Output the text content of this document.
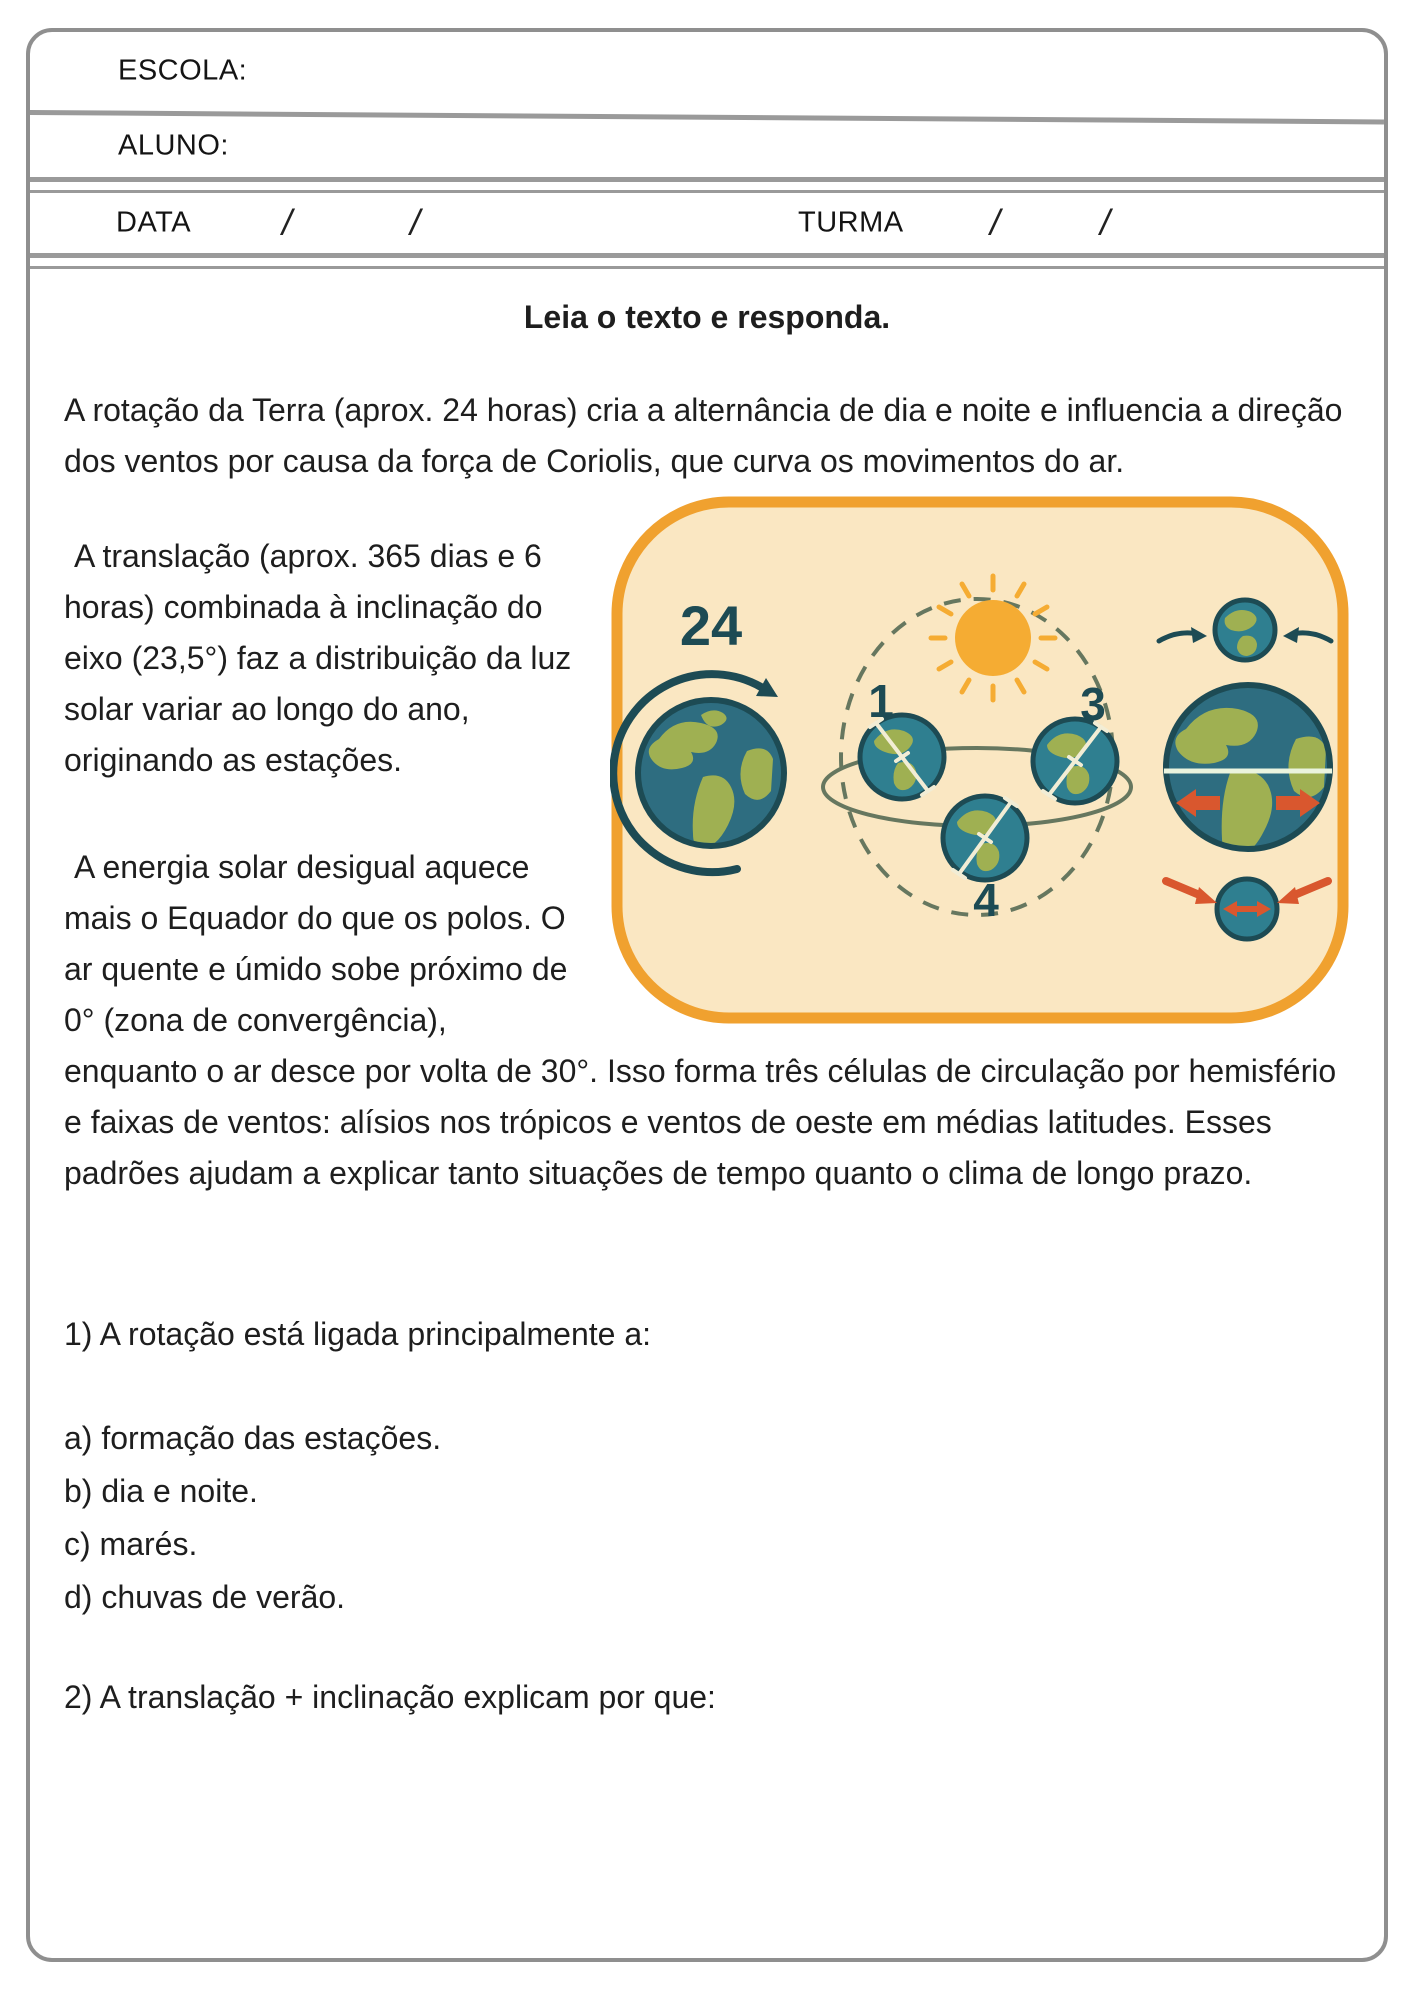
ESCOLA:
ALUNO:
DATA	/	/	TURMA /	/
Leia o texto e responda.

A rotação da Terra (aprox. 24 horas) cria a alternância de dia e noite e influencia a direção dos ventos por causa da força de Coriolis, que curva os movimentos do ar.

24
1	3
4

A translação (aprox. 365 dias e 6 horas) combinada à inclinação do eixo (23,5°) faz a distribuição da luz solar variar ao longo do ano, originando as estações.

A energia solar desigual aquece mais o Equador do que os polos. O ar quente e úmido sobe próximo de 0° (zona de convergência), enquanto o ar desce por volta de 30°. Isso forma três células de circulação por hemisfério e faixas de ventos: alísios nos trópicos e ventos de oeste em médias latitudes. Esses padrões ajudam a explicar tanto situações de tempo quanto o clima de longo prazo.

1) A rotação está ligada principalmente a:
a) formação das estações.
b) dia e noite.
c) marés.
d) chuvas de verão.
2) A translação + inclinação explicam por que:
